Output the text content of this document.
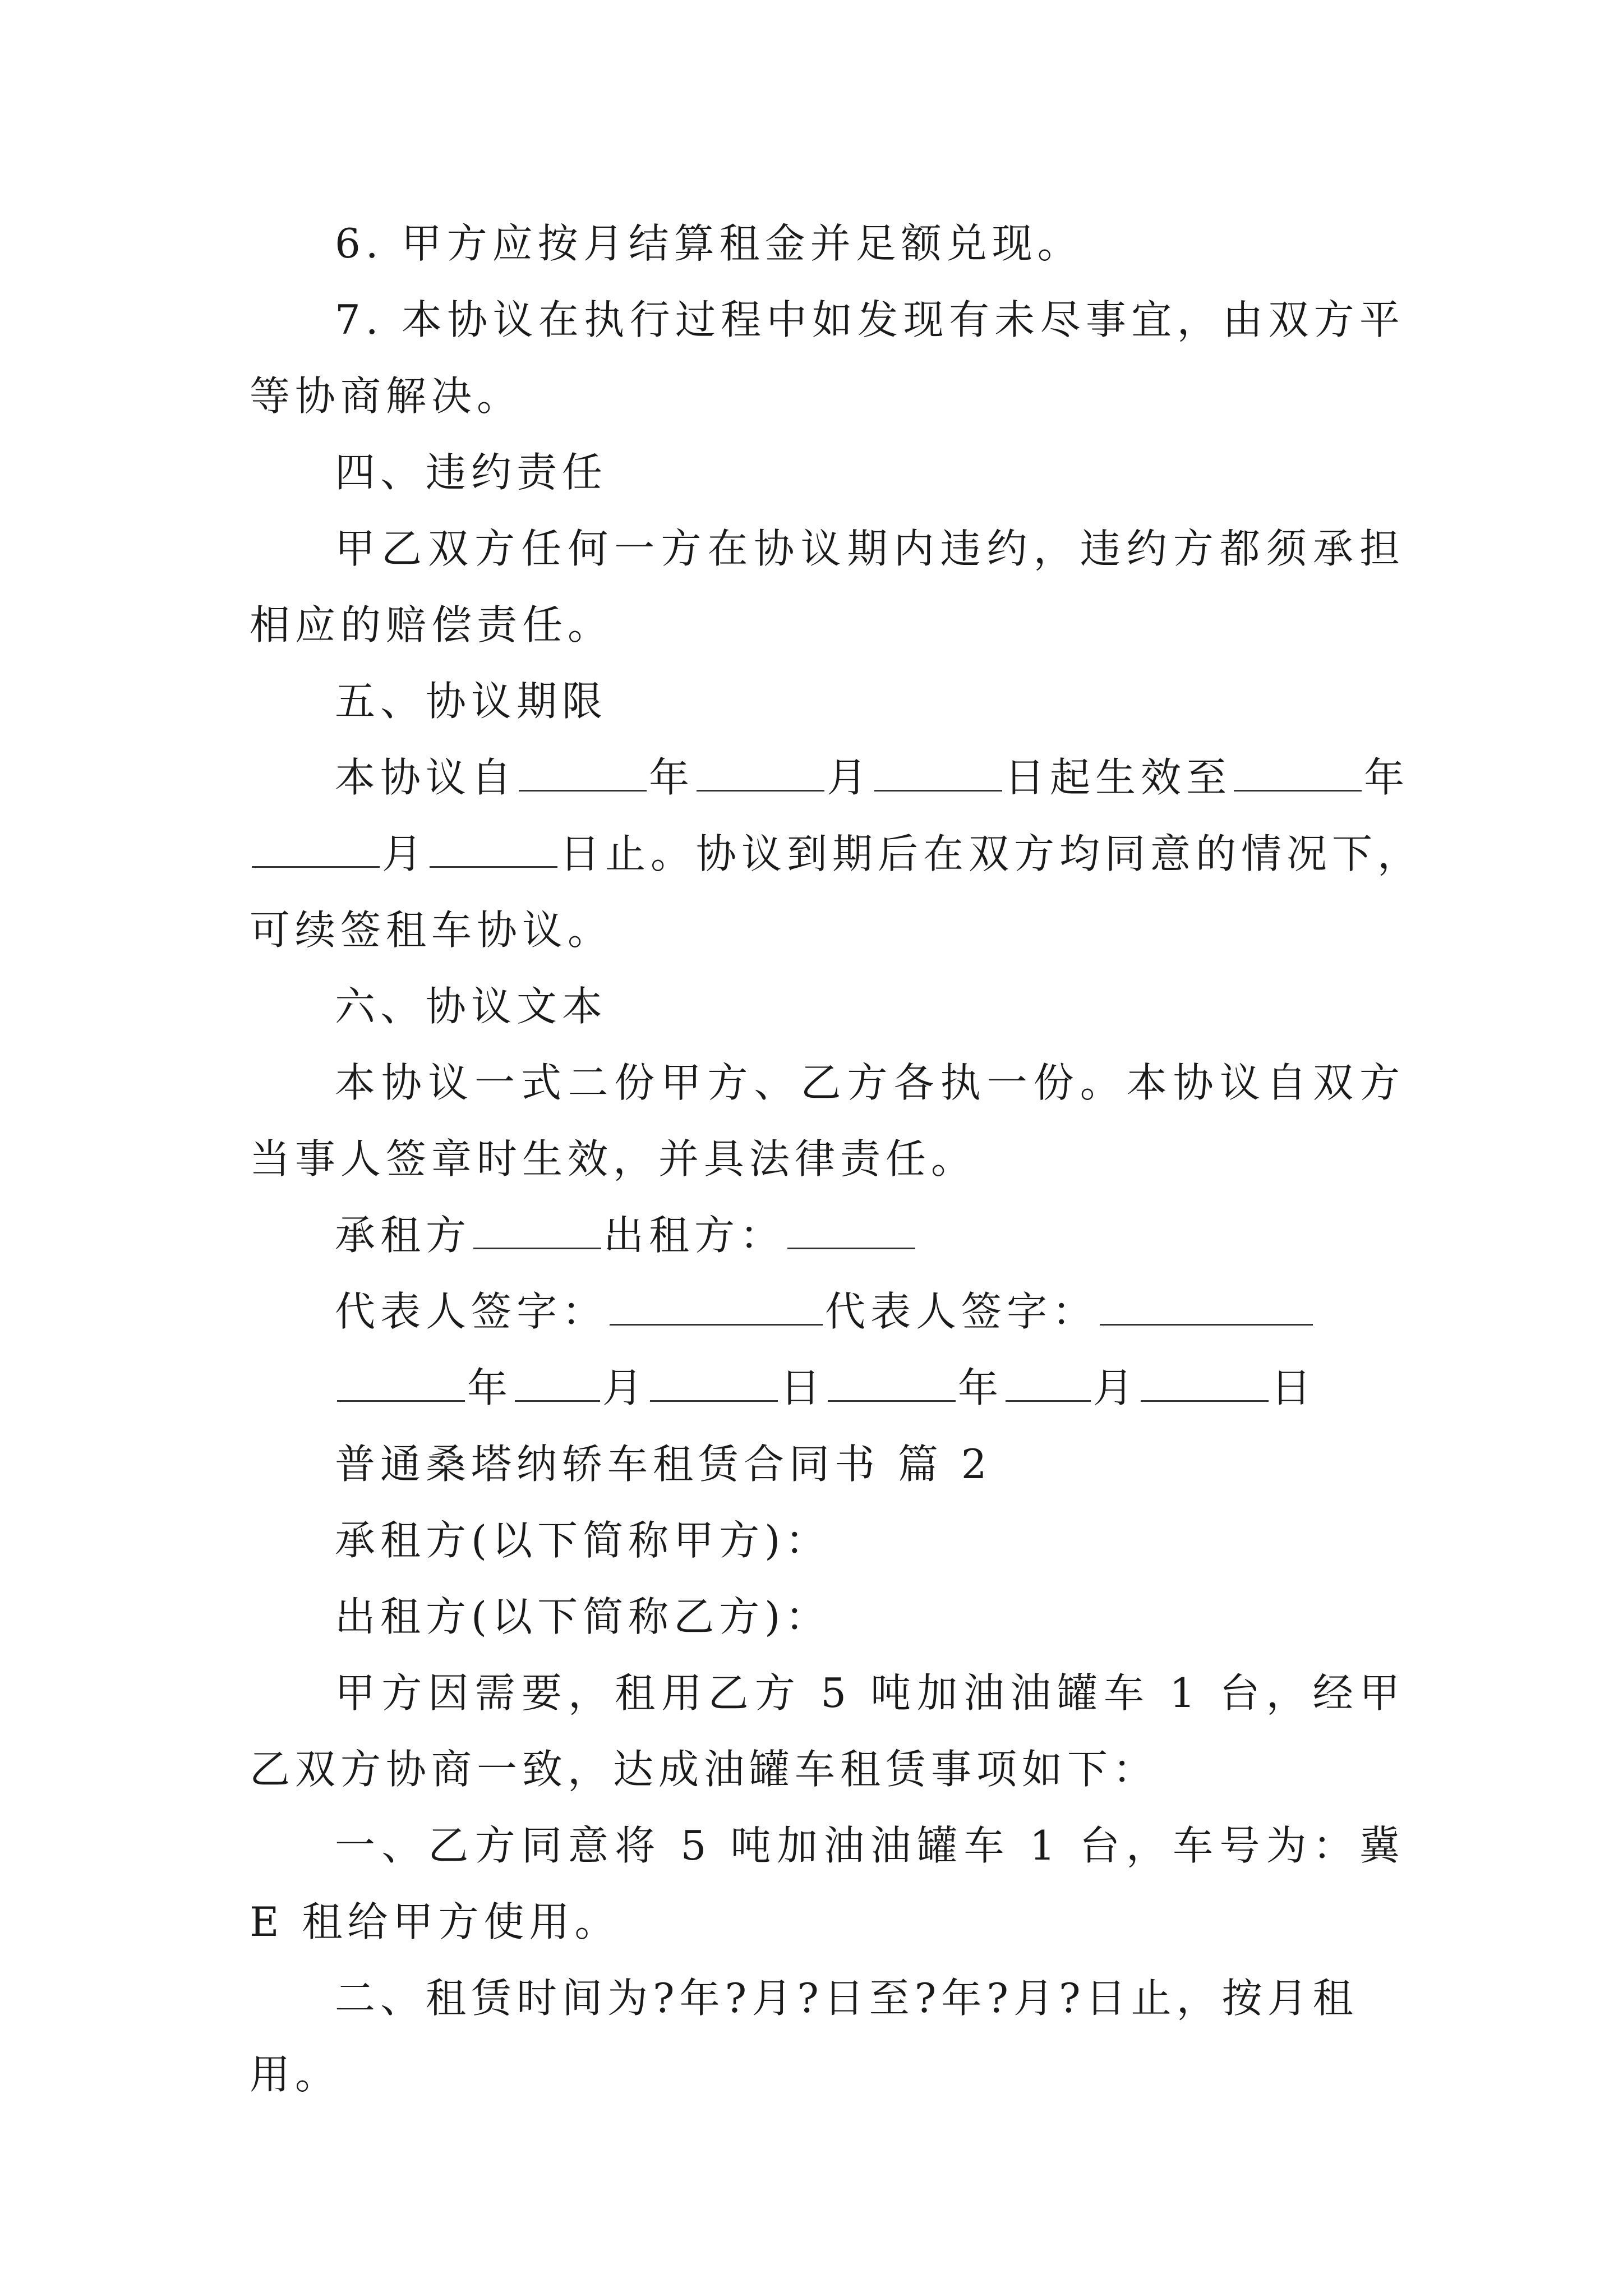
6. 甲方应按月结算租金并足额兑现。

7. 本协议在执行过程中如发现有未尽事宜，由双方平等协商解决。

四、违约责任

甲乙双方任何一方在协议期内违约，违约方都须承担相应的赔偿责任。

五、协议期限

本协议自	年	月	日起生效至	年

月	日止。协议到期后在双方均同意的情况下，

可续签租车协议。

六、协议文本

本协议一式二份甲方、乙方各执一份。本协议自双方当事人签章时生效，并具法律责任。

承租方	出租方：

代表人签字：	代表人签字：

年 月	日	年 月	日

普通桑塔纳轿车租赁合同书 篇 2

承租方(以下简称甲方)：

出租方(以下简称乙方)：

甲方因需要，租用乙方 5 吨加油油罐车 1 台，经甲乙双方协商一致，达成油罐车租赁事项如下：

一、乙方同意将 5 吨加油油罐车 1 台，车号为：冀 E 租给甲方使用。

二、租赁时间为?年?月?日至?年?月?日止，按月租用。
